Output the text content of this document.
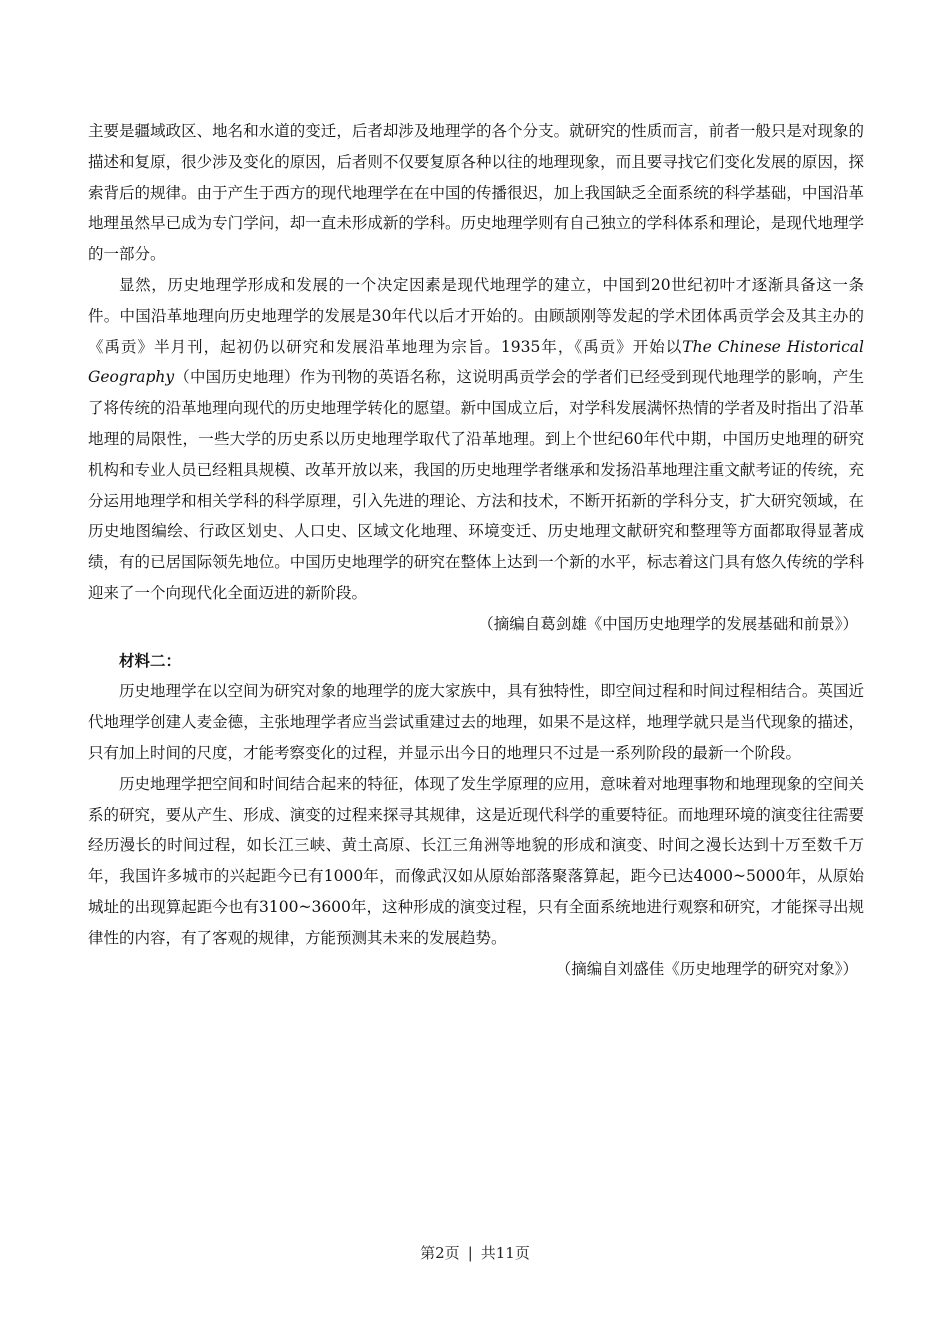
主要是疆域政区、地名和水道的变迁，后者却涉及地理学的各个分支。就研究的性质而言，前者一般只是对现象的描述和复原，很少涉及变化的原因，后者则不仅要复原各种以往的地理现象，而且要寻找它们变化发展的原因，探索背后的规律。由于产生于西方的现代地理学在在中国的传播很迟，加上我国缺乏全面系统的科学基础，中国沿革地理虽然早已成为专门学问，却一直未形成新的学科。历史地理学则有自己独立的学科体系和理论，是现代地理学的一部分。

显然，历史地理学形成和发展的一个决定因素是现代地理学的建立，中国到20世纪初叶才逐渐具备这一条件。中国沿革地理向历史地理学的发展是30年代以后才开始的。由顾颉刚等发起的学术团体禹贡学会及其主办的《禹贡》半月刊，起初仍以研究和发展沿革地理为宗旨。1935年，《禹贡》开始以The Chinese Historical Geography（中国历史地理）作为刊物的英语名称，这说明禹贡学会的学者们已经受到现代地理学的影响，产生了将传统的沿革地理向现代的历史地理学转化的愿望。新中国成立后，对学科发展满怀热情的学者及时指出了沿革地理的局限性，一些大学的历史系以历史地理学取代了沿革地理。到上个世纪60年代中期，中国历史地理的研究机构和专业人员已经粗具规模、改革开放以来，我国的历史地理学者继承和发扬沿革地理注重文献考证的传统，充分运用地理学和相关学科的科学原理，引入先进的理论、方法和技术，不断开拓新的学科分支，扩大研究领域，在历史地图编绘、行政区划史、人口史、区域文化地理、环境变迁、历史地理文献研究和整理等方面都取得显著成绩，有的已居国际领先地位。中国历史地理学的研究在整体上达到一个新的水平，标志着这门具有悠久传统的学科迎来了一个向现代化全面迈进的新阶段。

（摘编自葛剑雄《中国历史地理学的发展基础和前景》）

材料二：

历史地理学在以空间为研究对象的地理学的庞大家族中，具有独特性，即空间过程和时间过程相结合。英国近代地理学创建人麦金德，主张地理学者应当尝试重建过去的地理，如果不是这样，地理学就只是当代现象的描述，只有加上时间的尺度，才能考察变化的过程，并显示出今日的地理只不过是一系列阶段的最新一个阶段。

历史地理学把空间和时间结合起来的特征，体现了发生学原理的应用，意味着对地理事物和地理现象的空间关系的研究，要从产生、形成、演变的过程来探寻其规律，这是近现代科学的重要特征。而地理环境的演变往往需要经历漫长的时间过程，如长江三峡、黄土高原、长江三角洲等地貌的形成和演变、时间之漫长达到十万至数千万年，我国许多城市的兴起距今已有1000年，而像武汉如从原始部落聚落算起，距今已达4000~5000年，从原始城址的出现算起距今也有3100~3600年，这种形成的演变过程，只有全面系统地进行观察和研究，才能探寻出规律性的内容，有了客观的规律，方能预测其未来的发展趋势。

（摘编自刘盛佳《历史地理学的研究对象》）

第2页 | 共11页
